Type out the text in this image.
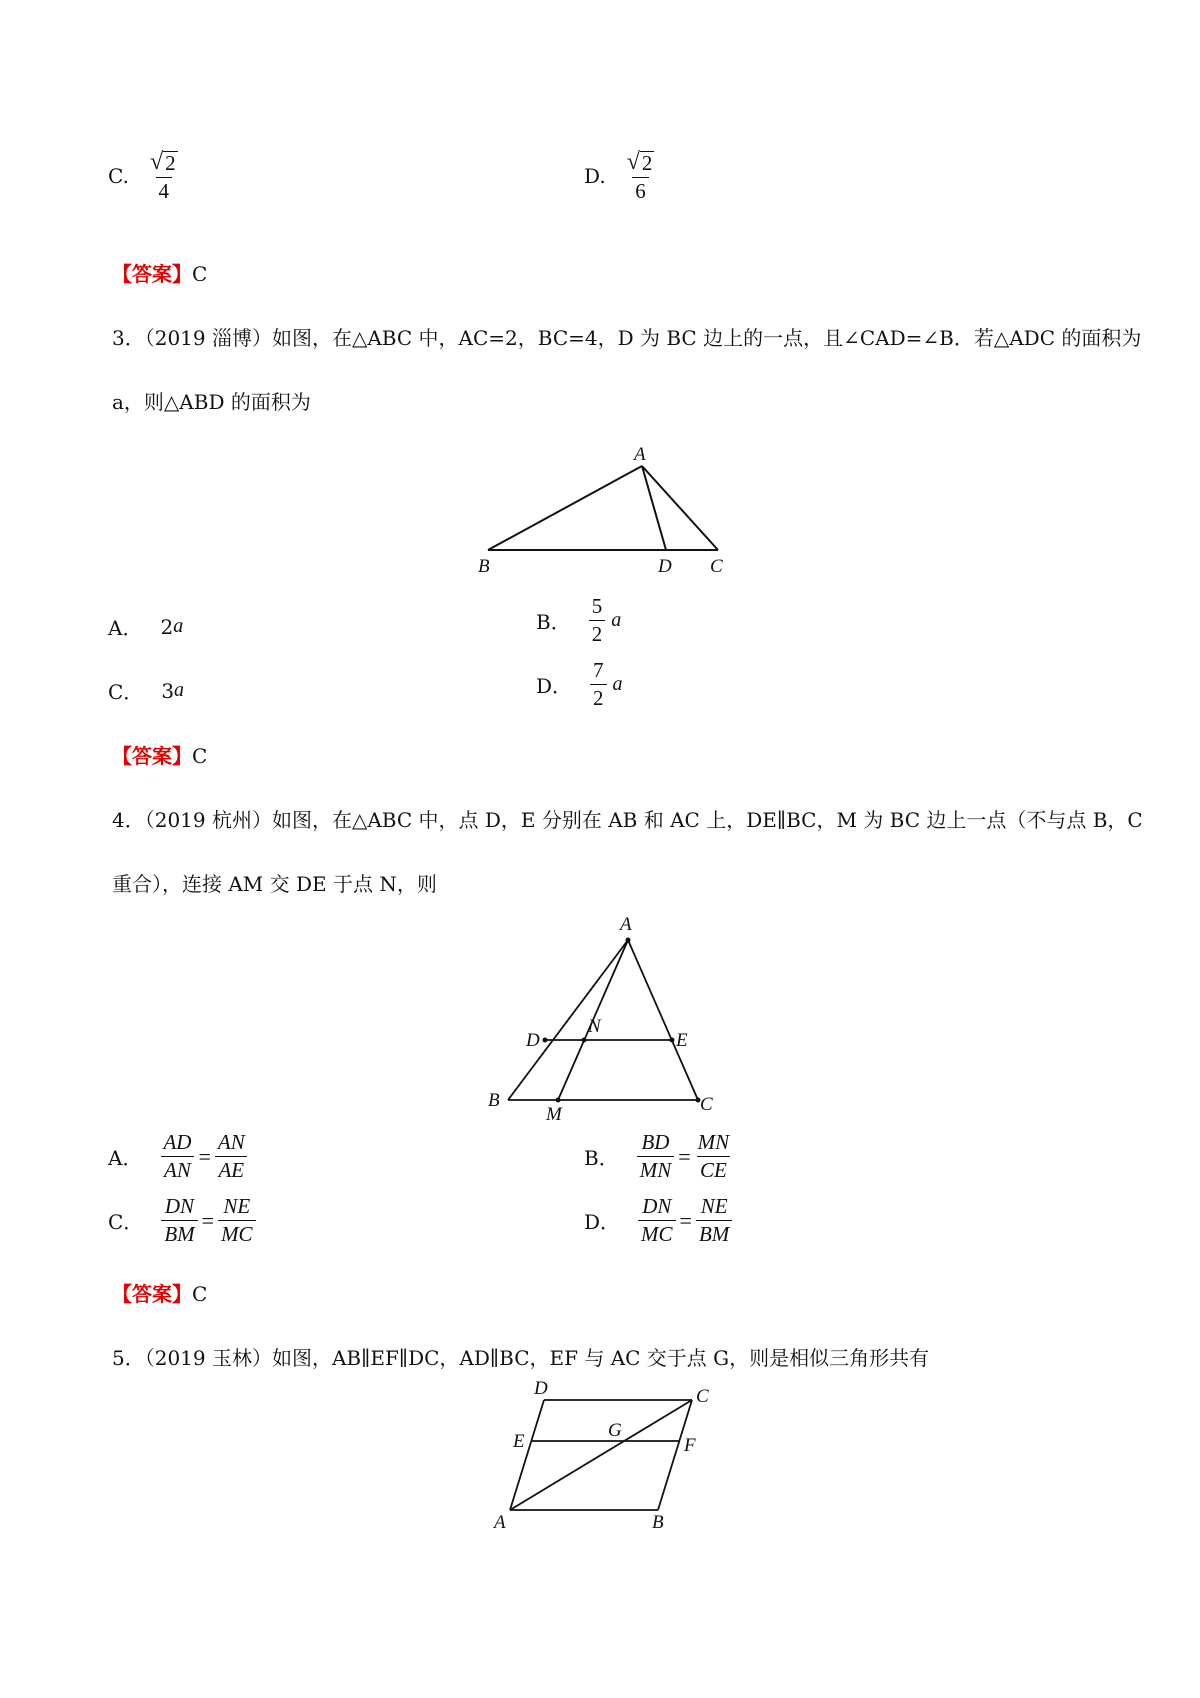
C. $\frac{√ 2}{4}$	D. $\frac{√ 2}{6}$
【答案】C
3．（2019 淄博）如图，在△ABC 中，AC=2，BC=4，D 为 BC 边上的一点，且∠CAD=∠B．若△ADC 的面积为
a，则△ABD 的面积为
A
B	D C
A． 2 a	B． $\frac{5}{2}$ a
C． 3 a	D． $\frac{7}{2}$ a
【答案】C
4．（2019 杭州）如图，在△ABC 中，点 D，E 分别在 AB 和 AC 上，DE∥BC，M 为 BC 边上一点（不与点 B，C
重合），连接 AM 交 DE 于点 N，则
A
D
N
E
B
M	C
A． $\frac{AD}{AN} = \frac{AN}{AE}$	B． $\frac{BD}{MN} = \frac{MN}{CE}$
C． $\frac{DN}{BM} = \frac{NE}{MC}$	D． $\frac{DN}{MC} = \frac{NE}{BM}$
【答案】C
5．（2019 玉林）如图，AB∥EF∥DC，AD∥BC，EF 与 AC 交于点 G，则是相似三角形共有
D	C
E
G
F
A	B
